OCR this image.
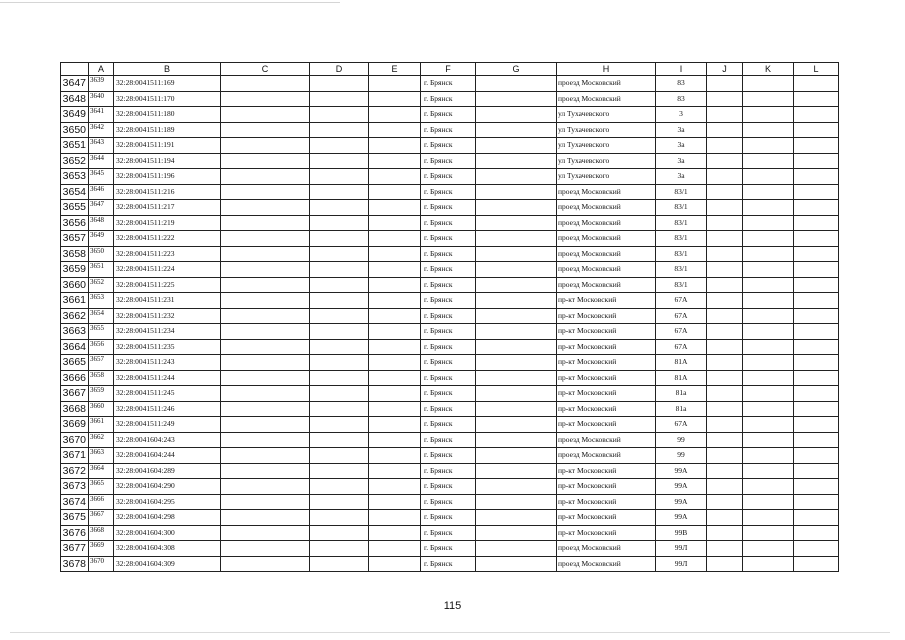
	A	B	C	D	E	F	G	H	I	J	K	L
3647	3639	32:28:0041511:169				г. Брянск		проезд Московский	83			
3648	3640	32:28:0041511:170				г. Брянск		проезд Московский	83			
3649	3641	32:28:0041511:180				г. Брянск		ул Тухачевского	3			
3650	3642	32:28:0041511:189				г. Брянск		ул Тухачевского	3а			
3651	3643	32:28:0041511:191				г. Брянск		ул Тухачевского	3а			
3652	3644	32:28:0041511:194				г. Брянск		ул Тухачевского	3а			
3653	3645	32:28:0041511:196				г. Брянск		ул Тухачевского	3а			
3654	3646	32:28:0041511:216				г. Брянск		проезд Московский	83/1			
3655	3647	32:28:0041511:217				г. Брянск		проезд Московский	83/1			
3656	3648	32:28:0041511:219				г. Брянск		проезд Московский	83/1			
3657	3649	32:28:0041511:222				г. Брянск		проезд Московский	83/1			
3658	3650	32:28:0041511:223				г. Брянск		проезд Московский	83/1			
3659	3651	32:28:0041511:224				г. Брянск		проезд Московский	83/1			
3660	3652	32:28:0041511:225				г. Брянск		проезд Московский	83/1			
3661	3653	32:28:0041511:231				г. Брянск		пр-кт Московский	67А			
3662	3654	32:28:0041511:232				г. Брянск		пр-кт Московский	67А			
3663	3655	32:28:0041511:234				г. Брянск		пр-кт Московский	67А			
3664	3656	32:28:0041511:235				г. Брянск		пр-кт Московский	67А			
3665	3657	32:28:0041511:243				г. Брянск		пр-кт Московский	81А			
3666	3658	32:28:0041511:244				г. Брянск		пр-кт Московский	81А			
3667	3659	32:28:0041511:245				г. Брянск		пр-кт Московский	81а			
3668	3660	32:28:0041511:246				г. Брянск		пр-кт Московский	81а			
3669	3661	32:28:0041511:249				г. Брянск		пр-кт Московский	67А			
3670	3662	32:28:0041604:243				г. Брянск		проезд Московский	99			
3671	3663	32:28:0041604:244				г. Брянск		проезд Московский	99			
3672	3664	32:28:0041604:289				г. Брянск		пр-кт Московский	99А			
3673	3665	32:28:0041604:290				г. Брянск		пр-кт Московский	99А			
3674	3666	32:28:0041604:295				г. Брянск		пр-кт Московский	99А			
3675	3667	32:28:0041604:298				г. Брянск		пр-кт Московский	99А			
3676	3668	32:28:0041604:300				г. Брянск		пр-кт Московский	99В			
3677	3669	32:28:0041604:308				г. Брянск		проезд Московский	99Л			
3678	3670	32:28:0041604:309				г. Брянск		проезд Московский	99Л			
115
